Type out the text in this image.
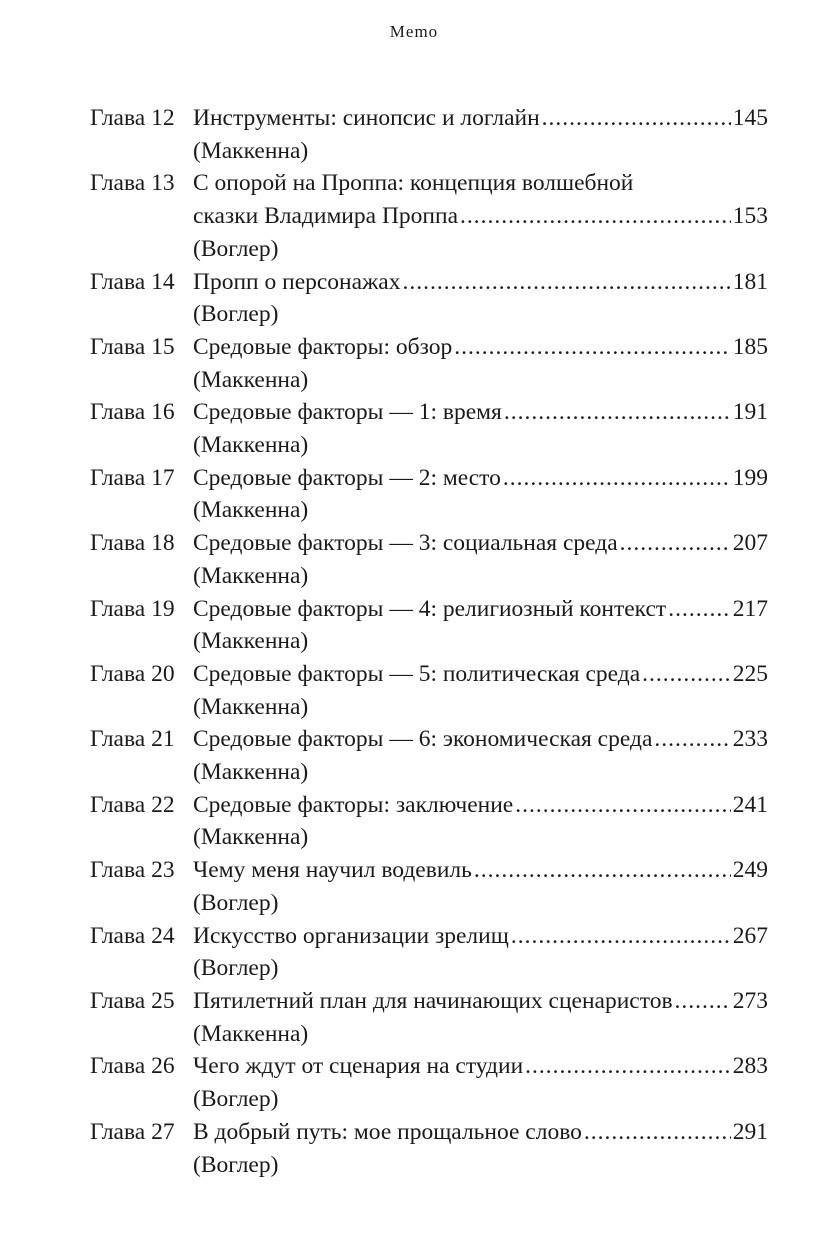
Memo
Глава 12 Инструменты: синопсис и логлайн .....	145
(Маккенна)
Глава 13 С опорой на Проппа: концепция волшебной
сказки Владимира Проппа .....	153
(Воглер)
Глава 14 Пропп о персонажах .....	181
(Воглер)
Глава 15 Средовые факторы: обзор .....	185
(Маккенна)
Глава 16 Средовые факторы — 1: время .....	191
(Маккенна)
Глава 17 Средовые факторы — 2: место .....	199
(Маккенна)
Глава 18 Средовые факторы — 3: социальная среда .....	207
(Маккенна)
Глава 19 Средовые факторы — 4: религиозный контекст .....	217
(Маккенна)
Глава 20 Средовые факторы — 5: политическая среда .....	225
(Маккенна)
Глава 21 Средовые факторы — 6: экономическая среда .....	233
(Маккенна)
Глава 22 Средовые факторы: заключение .....	241
(Маккенна)
Глава 23 Чему меня научил водевиль .....	249
(Воглер)
Глава 24 Искусство организации зрелищ .....	267
(Воглер)
Глава 25 Пятилетний план для начинающих сценаристов .....	273
(Маккенна)
Глава 26 Чего ждут от сценария на студии .....	283
(Воглер)
Глава 27 В добрый путь: мое прощальное слово .....	291
(Воглер)
